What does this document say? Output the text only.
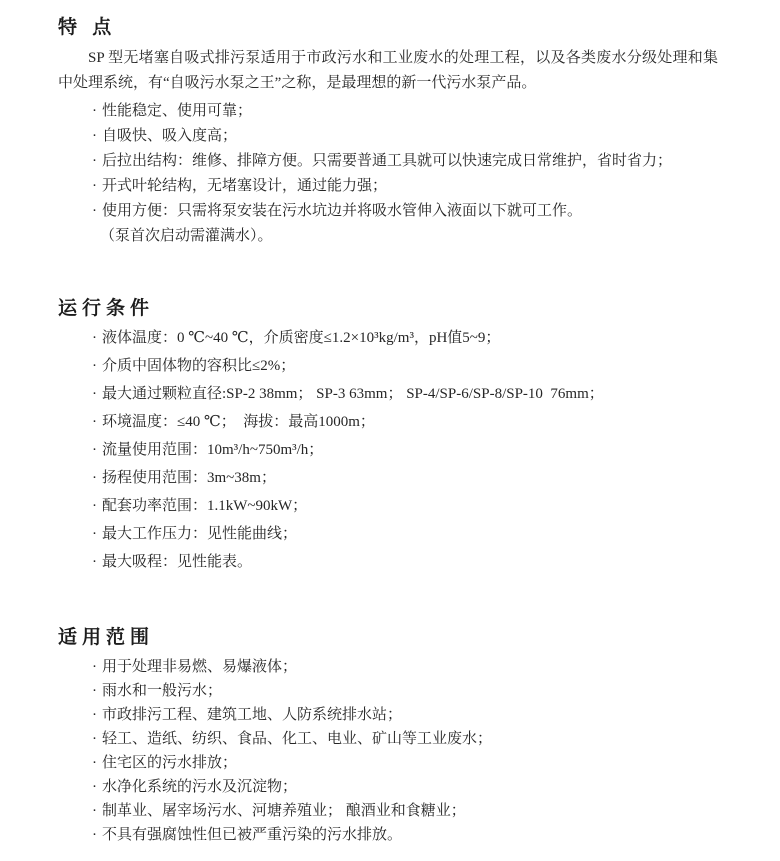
特 点

SP 型无堵塞自吸式排污泵适用于市政污水和工业废水的处理工程，以及各类废水分级处理和集中处理系统，有“自吸污水泵之王”之称，是最理想的新一代污水泵产品。

· 性能稳定、使用可靠；
· 自吸快、吸入度高；
· 后拉出结构：维修、排障方便。只需要普通工具就可以快速完成日常维护，省时省力；
· 开式叶轮结构，无堵塞设计，通过能力强；
· 使用方便：只需将泵安装在污水坑边并将吸水管伸入液面以下就可工作。

（泵首次启动需灌满水）。

运行条件
· 液体温度：0 ℃~40 ℃，介质密度≤1.2×10³kg/m³，pH值5~9；
· 介质中固体物的容积比≤2%；
· 最大通过颗粒直径:SP-2 38mm； SP-3 63mm； SP-4/SP-6/SP-8/SP-10  76mm；
· 环境温度：≤40 ℃；  海拔：最高1000m；
· 流量使用范围：10m³/h~750m³/h；
· 扬程使用范围：3m~38m；
· 配套功率范围：1.1kW~90kW；
· 最大工作压力：见性能曲线；
· 最大吸程：见性能表。
适用范围
· 用于处理非易燃、易爆液体；
· 雨水和一般污水；
· 市政排污工程、建筑工地、人防系统排水站；
· 轻工、造纸、纺织、食品、化工、电业、矿山等工业废水；
· 住宅区的污水排放；
· 水净化系统的污水及沉淀物；
· 制革业、屠宰场污水、河塘养殖业； 酿酒业和食糖业；
· 不具有强腐蚀性但已被严重污染的污水排放。
